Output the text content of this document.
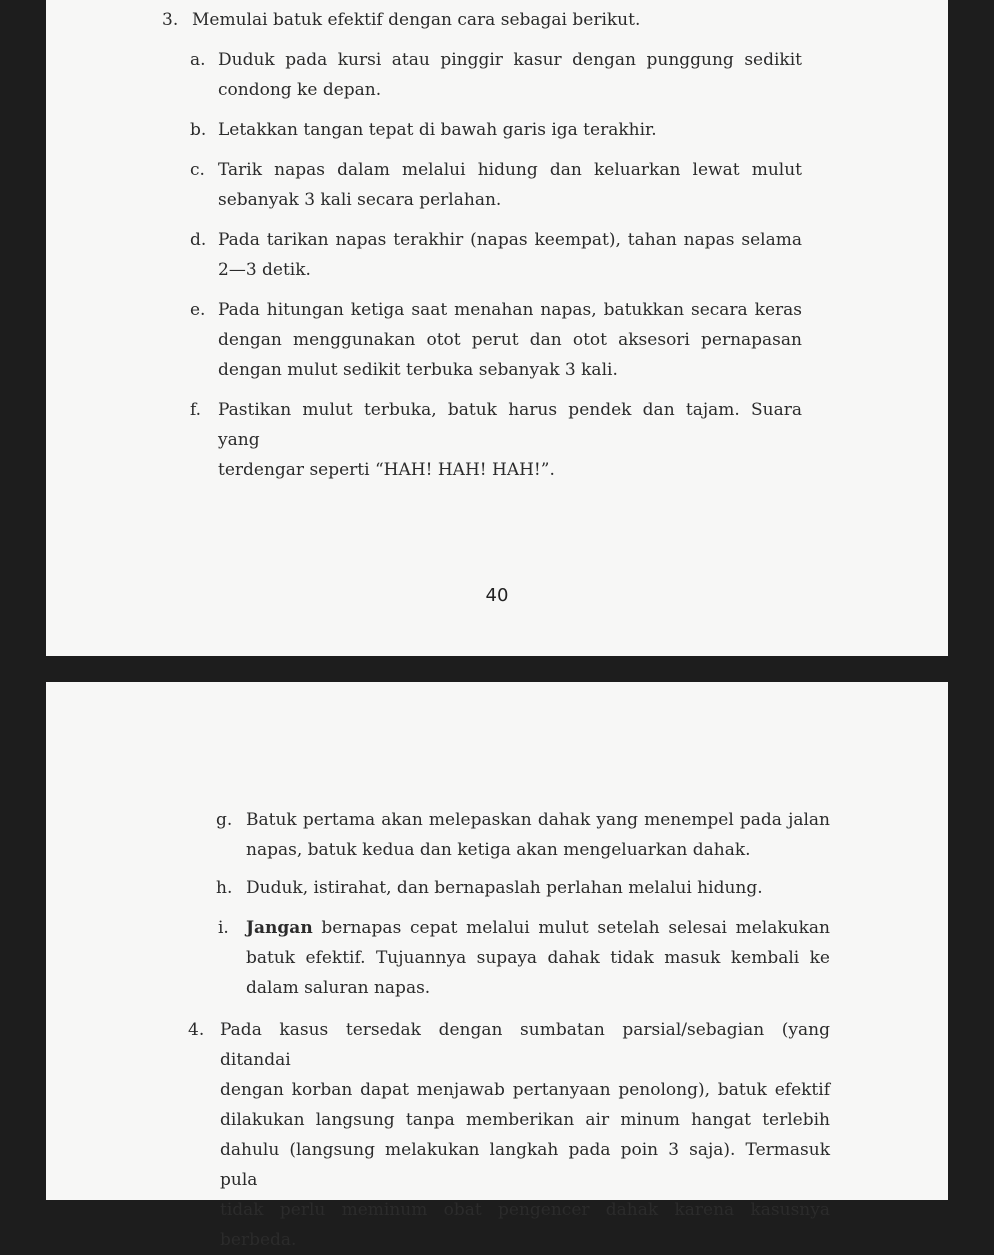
3. Memulai batuk efektif dengan cara sebagai berikut.
a. Duduk pada kursi atau pinggir kasur dengan punggung sedikit
condong ke depan.
b. Letakkan tangan tepat di bawah garis iga terakhir.
c. Tarik napas dalam melalui hidung dan keluarkan lewat mulut
sebanyak 3 kali secara perlahan.
d. Pada tarikan napas terakhir (napas keempat), tahan napas selama
2—3 detik.
e. Pada hitungan ketiga saat menahan napas, batukkan secara keras
dengan menggunakan otot perut dan otot aksesori pernapasan
dengan mulut sedikit terbuka sebanyak 3 kali.
f. Pastikan mulut terbuka, batuk harus pendek dan tajam. Suara yang
terdengar seperti “HAH! HAH! HAH!”.
40
g. Batuk pertama akan melepaskan dahak yang menempel pada jalan
napas, batuk kedua dan ketiga akan mengeluarkan dahak.
h. Duduk, istirahat, dan bernapaslah perlahan melalui hidung.
i. Jangan bernapas cepat melalui mulut setelah selesai melakukan
batuk efektif. Tujuannya supaya dahak tidak masuk kembali ke
dalam saluran napas.
4. Pada kasus tersedak dengan sumbatan parsial/sebagian (yang ditandai
dengan korban dapat menjawab pertanyaan penolong), batuk efektif
dilakukan langsung tanpa memberikan air minum hangat terlebih
dahulu (langsung melakukan langkah pada poin 3 saja). Termasuk pula
tidak perlu meminum obat pengencer dahak karena kasusnya berbeda.
